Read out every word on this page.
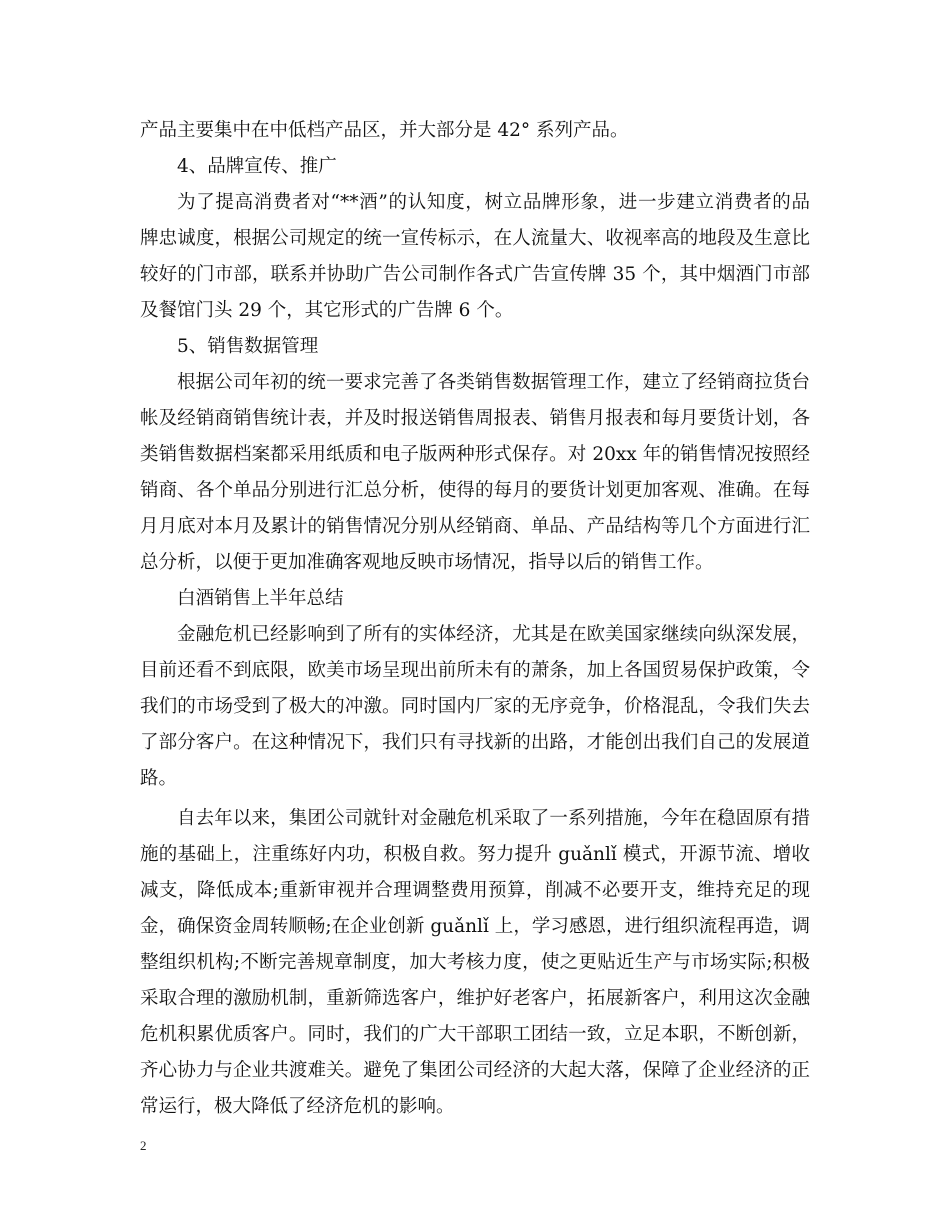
产品主要集中在中低档产品区，并大部分是 42° 系列产品。
4、品牌宣传、推广
为了提高消费者对“**酒”的认知度，树立品牌形象，进一步建立消费者的品
牌忠诚度，根据公司规定的统一宣传标示，在人流量大、收视率高的地段及生意比
较好的门市部，联系并协助广告公司制作各式广告宣传牌 35 个，其中烟酒门市部
及餐馆门头 29 个，其它形式的广告牌 6 个。
5、销售数据管理
根据公司年初的统一要求完善了各类销售数据管理工作，建立了经销商拉货台
帐及经销商销售统计表，并及时报送销售周报表、销售月报表和每月要货计划，各
类销售数据档案都采用纸质和电子版两种形式保存。对 20xx 年的销售情况按照经
销商、各个单品分别进行汇总分析，使得的每月的要货计划更加客观、准确。在每
月月底对本月及累计的销售情况分别从经销商、单品、产品结构等几个方面进行汇
总分析，以便于更加准确客观地反映市场情况，指导以后的销售工作。
白酒销售上半年总结
金融危机已经影响到了所有的实体经济，尤其是在欧美国家继续向纵深发展，
目前还看不到底限，欧美市场呈现出前所未有的萧条，加上各国贸易保护政策，令
我们的市场受到了极大的冲激。同时国内厂家的无序竞争，价格混乱，令我们失去
了部分客户。在这种情况下，我们只有寻找新的出路，才能创出我们自己的发展道
路。
自去年以来，集团公司就针对金融危机采取了一系列措施，今年在稳固原有措
施的基础上，注重练好内功，积极自救。努力提升 guǎnlǐ 模式，开源节流、增收
减支，降低成本;重新审视并合理调整费用预算，削减不必要开支，维持充足的现
金，确保资金周转顺畅;在企业创新 guǎnlǐ 上，学习感恩，进行组织流程再造，调
整组织机构;不断完善规章制度，加大考核力度，使之更贴近生产与市场实际;积极
采取合理的激励机制，重新筛选客户，维护好老客户，拓展新客户，利用这次金融
危机积累优质客户。同时，我们的广大干部职工团结一致，立足本职，不断创新，
齐心协力与企业共渡难关。避免了集团公司经济的大起大落，保障了企业经济的正
常运行，极大降低了经济危机的影响。
2
